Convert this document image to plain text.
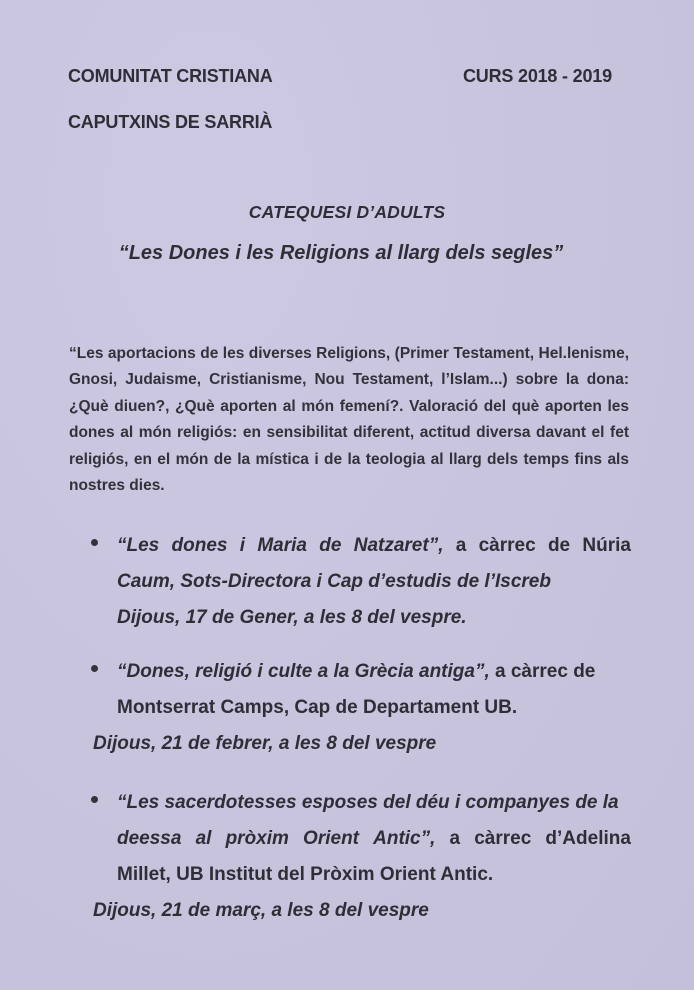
COMUNITAT CRISTIANA	CURS 2018 - 2019
CAPUTXINS DE SARRIÀ
CATEQUESI D’ADULTS
“Les Dones i les Religions al llarg dels segles”

“Les aportacions de les diverses Religions, (Primer Testament, Hel.lenisme, Gnosi, Judaisme, Cristianisme, Nou Testament, l’Islam...) sobre la dona: ¿Què diuen?, ¿Què aporten al món femení?. Valoració del què aporten les dones al món religiós: en sensibilitat diferent, actitud diversa davant el fet religiós, en el món de la mística i de la teologia al llarg dels temps fins als nostres dies.

“Les dones i Maria de Natzaret”, a càrrec de Núria
Caum, Sots-Directora i Cap d’estudis de l’Iscreb
Dijous, 17 de Gener, a les 8 del vespre.
“Dones, religió i culte a la Grècia antiga”, a càrrec de
Montserrat Camps, Cap de Departament UB.
Dijous, 21 de febrer, a les 8 del vespre
“Les sacerdotesses esposes del déu i companyes de la
deessa al pròxim Orient Antic”, a càrrec d’Adelina
Millet, UB Institut del Pròxim Orient Antic.
Dijous, 21 de març, a les 8 del vespre
